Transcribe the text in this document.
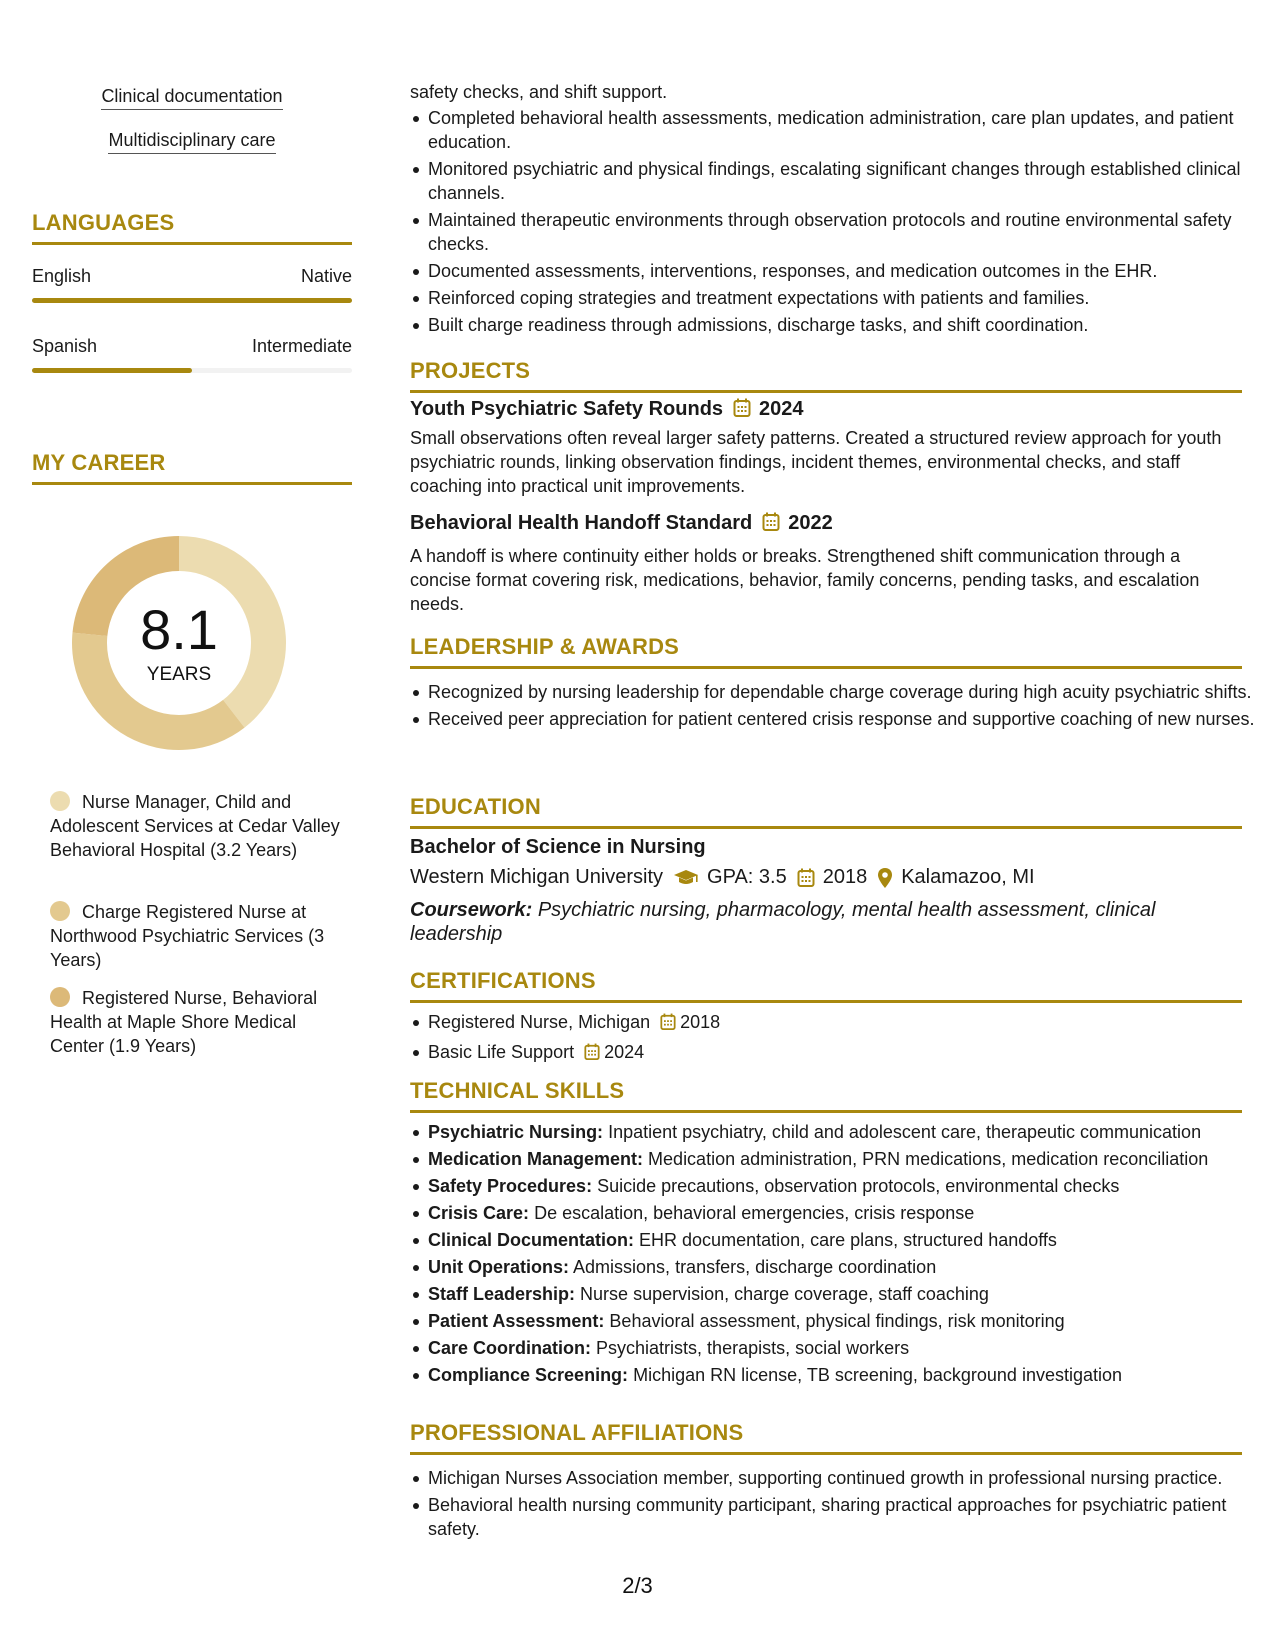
Clinical documentation
Multidisciplinary care
LANGUAGES
English	Native
Spanish	Intermediate
MY CAREER
8.1
YEARS
Nurse Manager, Child and Adolescent Services at Cedar Valley Behavioral Hospital (3.2 Years)
Charge Registered Nurse at Northwood Psychiatric Services (3 Years)
Registered Nurse, Behavioral Health at Maple Shore Medical Center (1.9 Years)
safety checks, and shift support.
Completed behavioral health assessments, medication administration, care plan updates, and patient education.
Monitored psychiatric and physical findings, escalating significant changes through established clinical channels.
Maintained therapeutic environments through observation protocols and routine environmental safety checks.
Documented assessments, interventions, responses, and medication outcomes in the EHR.
Reinforced coping strategies and treatment expectations with patients and families.
Built charge readiness through admissions, discharge tasks, and shift coordination.
PROJECTS
Youth Psychiatric Safety Rounds 2024
Small observations often reveal larger safety patterns. Created a structured review approach for youth psychiatric rounds, linking observation findings, incident themes, environmental checks, and staff coaching into practical unit improvements.
Behavioral Health Handoff Standard 2022
A handoff is where continuity either holds or breaks. Strengthened shift communication through a concise format covering risk, medications, behavior, family concerns, pending tasks, and escalation needs.
LEADERSHIP & AWARDS
Recognized by nursing leadership for dependable charge coverage during high acuity psychiatric shifts.
Received peer appreciation for patient centered crisis response and supportive coaching of new nurses.
EDUCATION
Bachelor of Science in Nursing
Western Michigan University GPA: 3.5 2018 Kalamazoo, MI
Coursework: Psychiatric nursing, pharmacology, mental health assessment, clinical leadership
CERTIFICATIONS
Registered Nurse, Michigan 2018
Basic Life Support 2024
TECHNICAL SKILLS
Psychiatric Nursing: Inpatient psychiatry, child and adolescent care, therapeutic communication
Medication Management: Medication administration, PRN medications, medication reconciliation
Safety Procedures: Suicide precautions, observation protocols, environmental checks
Crisis Care: De escalation, behavioral emergencies, crisis response
Clinical Documentation: EHR documentation, care plans, structured handoffs
Unit Operations: Admissions, transfers, discharge coordination
Staff Leadership: Nurse supervision, charge coverage, staff coaching
Patient Assessment: Behavioral assessment, physical findings, risk monitoring
Care Coordination: Psychiatrists, therapists, social workers
Compliance Screening: Michigan RN license, TB screening, background investigation
PROFESSIONAL AFFILIATIONS
Michigan Nurses Association member, supporting continued growth in professional nursing practice.
Behavioral health nursing community participant, sharing practical approaches for psychiatric patient safety.
2/3
